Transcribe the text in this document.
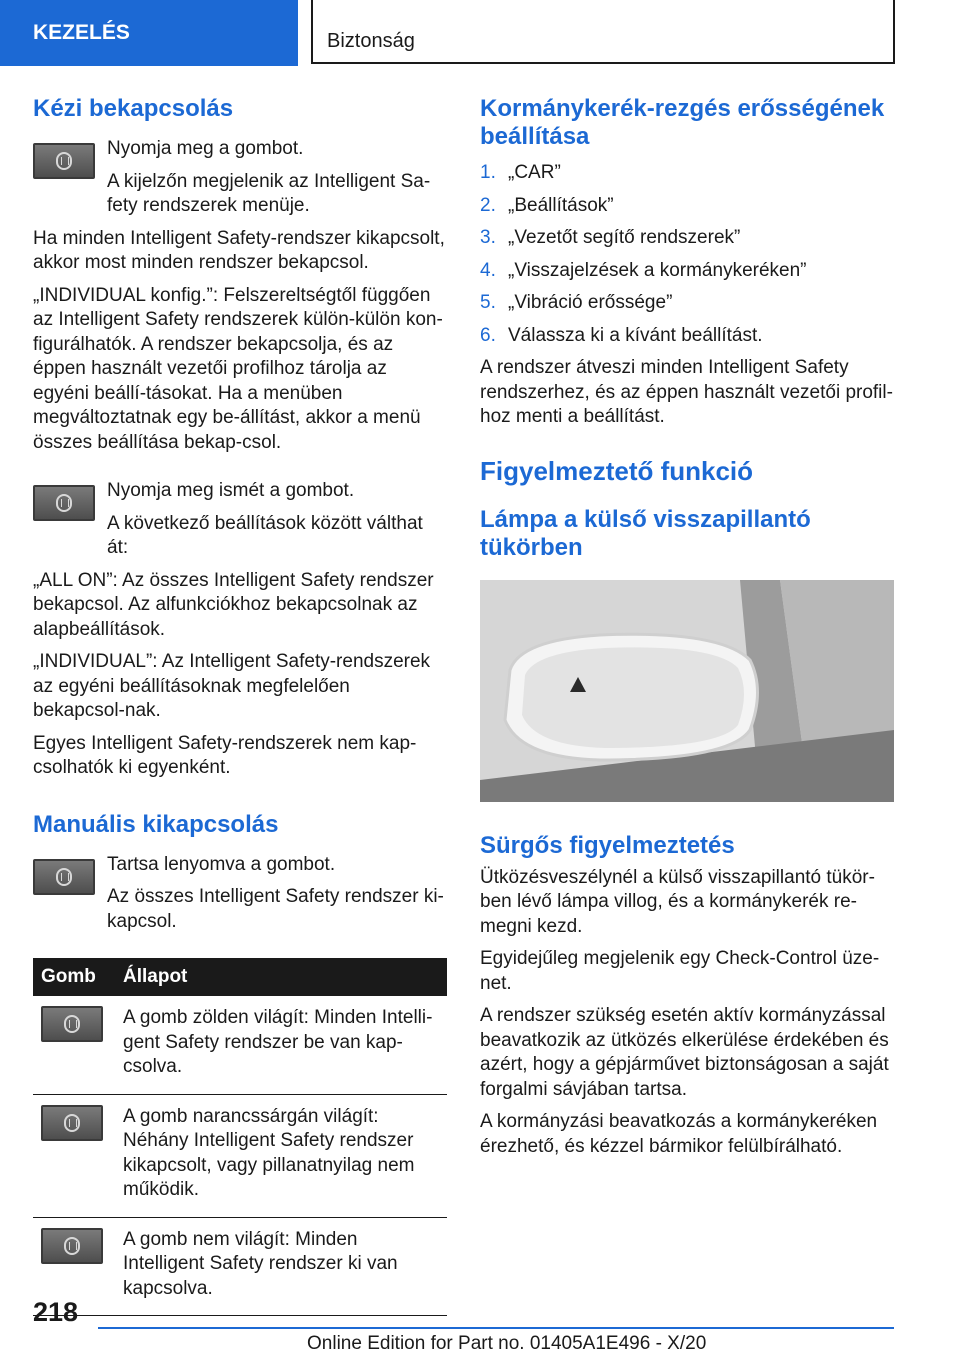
KEZELÉS	Biztonság
Kézi bekapcsolás

Nyomja meg a gombot.

A kijelzőn megjelenik az Intelligent Sa-fety rendszerek menüje.

Ha minden Intelligent Safety-rendszer kikapcsolt, akkor most minden rendszer bekapcsol.

„INDIVIDUAL konfig.”: Felszereltségtől függően az Intelligent Safety rendszerek külön-külön kon-figurálhatók. A rendszer bekapcsolja, és az éppen használt vezetői profilhoz tárolja az egyéni beállí-tásokat. Ha a menüben megváltoztatnak egy be-állítást, akkor a menü összes beállítása bekap-csol.

Nyomja meg ismét a gombot.

A következő beállítások között válthat át:

„ALL ON”: Az összes Intelligent Safety rendszer bekapcsol. Az alfunkciókhoz bekapcsolnak az alapbeállítások.

„INDIVIDUAL”: Az Intelligent Safety-rendszerek az egyéni beállításoknak megfelelően bekapcsol-nak.

Egyes Intelligent Safety-rendszerek nem kap-csolhatók ki egyenként.

Manuális kikapcsolás

Tartsa lenyomva a gombot.

Az összes Intelligent Safety rendszer ki-kapcsol.

Gomb	Állapot

	A gomb zölden világít: Minden Intelli-gent Safety rendszer be van kap-csolva.

	A gomb narancssárgán világít: Néhány Intelligent Safety rendszer kikapcsolt, vagy pillanatnyilag nem működik.

	A gomb nem világít: Minden Intelligent Safety rendszer ki van kapcsolva.
Kormánykerék-rezgés erősségének beállítása
1. „CAR”
2. „Beállítások”
3. „Vezetőt segítő rendszerek”
4. „Visszajelzések a kormánykeréken”
5. „Vibráció erőssége”
6. Válassza ki a kívánt beállítást.

A rendszer átveszi minden Intelligent Safety rendszerhez, és az éppen használt vezetői profil-hoz menti a beállítást.

Figyelmeztető funkció
Lámpa a külső visszapillantó tükörben
Sürgős figyelmeztetés

Ütközésveszélynél a külső visszapillantó tükör-ben lévő lámpa villog, és a kormánykerék re-megni kezd.

Egyidejűleg megjelenik egy Check-Control üze-net.

A rendszer szükség esetén aktív kormányzással beavatkozik az ütközés elkerülése érdekében és azért, hogy a gépjárművet biztonságosan a saját forgalmi sávjában tartsa.

A kormányzási beavatkozás a kormánykeréken érezhető, és kézzel bármikor felülbírálható.

218
Online Edition for Part no. 01405A1E496 - X/20
